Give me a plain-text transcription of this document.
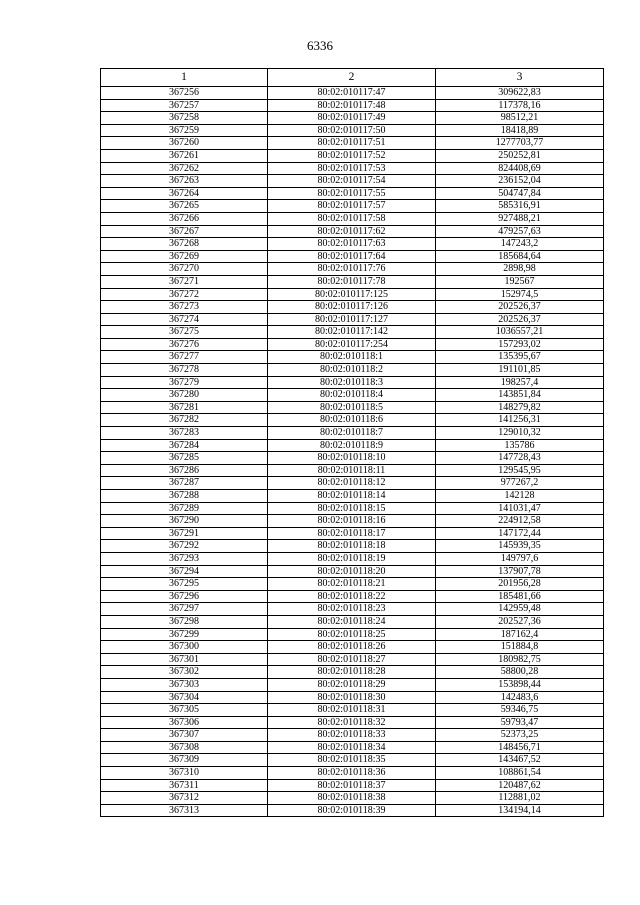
6336
1	2	3
367256	80:02:010117:47	309622,83
367257	80:02:010117:48	117378,16
367258	80:02:010117:49	98512,21
367259	80:02:010117:50	18418,89
367260	80:02:010117:51	1277703,77
367261	80:02:010117:52	250252,81
367262	80:02:010117:53	824408,69
367263	80:02:010117:54	236152,04
367264	80:02:010117:55	504747,84
367265	80:02:010117:57	585316,91
367266	80:02:010117:58	927488,21
367267	80:02:010117:62	479257,63
367268	80:02:010117:63	147243,2
367269	80:02:010117:64	185684,64
367270	80:02:010117:76	2898,98
367271	80:02:010117:78	192567
367272	80:02:010117:125	152974,5
367273	80:02:010117:126	202526,37
367274	80:02:010117:127	202526,37
367275	80:02:010117:142	1036557,21
367276	80:02:010117:254	157293,02
367277	80:02:010118:1	135395,67
367278	80:02:010118:2	191101,85
367279	80:02:010118:3	198257,4
367280	80:02:010118:4	143851,84
367281	80:02:010118:5	148279,82
367282	80:02:010118:6	141256,31
367283	80:02:010118:7	129010,32
367284	80:02:010118:9	135786
367285	80:02:010118:10	147728,43
367286	80:02:010118:11	129545,95
367287	80:02:010118:12	977267,2
367288	80:02:010118:14	142128
367289	80:02:010118:15	141031,47
367290	80:02:010118:16	224912,58
367291	80:02:010118:17	147172,44
367292	80:02:010118:18	145939,35
367293	80:02:010118:19	149797,6
367294	80:02:010118:20	137907,78
367295	80:02:010118:21	201956,28
367296	80:02:010118:22	185481,66
367297	80:02:010118:23	142959,48
367298	80:02:010118:24	202527,36
367299	80:02:010118:25	187162,4
367300	80:02:010118:26	151884,8
367301	80:02:010118:27	180982,75
367302	80:02:010118:28	58800,28
367303	80:02:010118:29	153898,44
367304	80:02:010118:30	142483,6
367305	80:02:010118:31	59346,75
367306	80:02:010118:32	59793,47
367307	80:02:010118:33	52373,25
367308	80:02:010118:34	148456,71
367309	80:02:010118:35	143467,52
367310	80:02:010118:36	108861,54
367311	80:02:010118:37	120487,62
367312	80:02:010118:38	112881,02
367313	80:02:010118:39	134194,14
